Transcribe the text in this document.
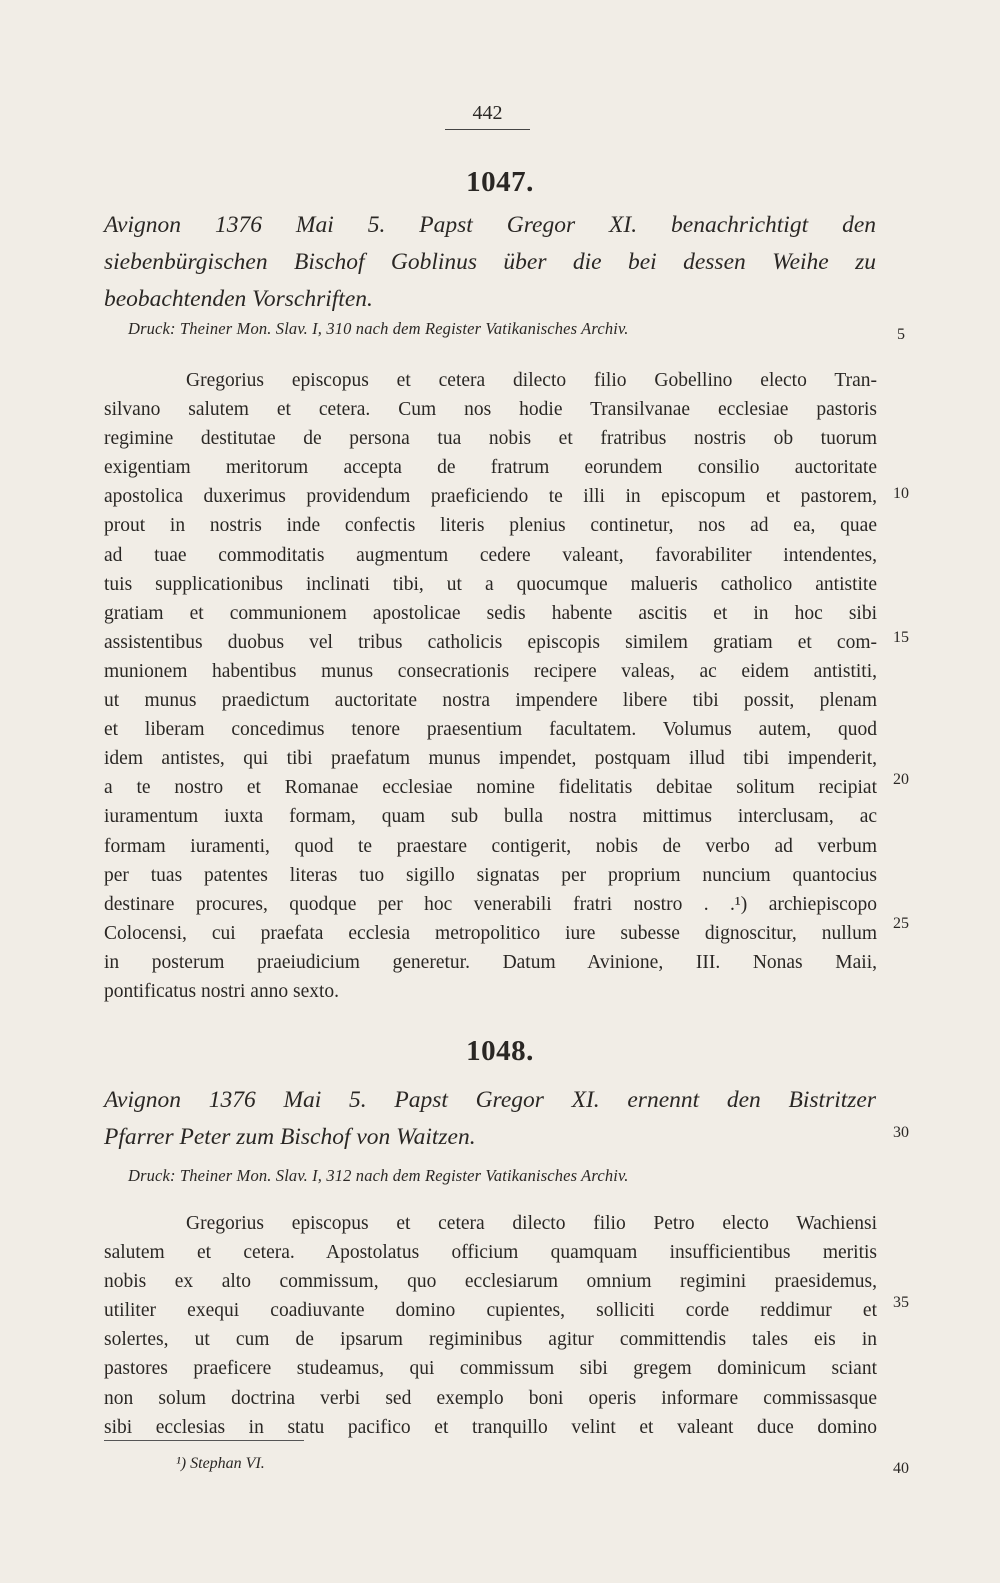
442
1047.
Avignon 1376 Mai 5. Papst Gregor XI. benachrichtigt den
siebenbürgischen Bischof Goblinus über die bei dessen Weihe zu
beobachtenden Vorschriften.
Druck: Theiner Mon. Slav. I, 310 nach dem Register Vatikanisches Archiv.
Gregorius episcopus et cetera dilecto filio Gobellino electo Tran-
silvano salutem et cetera. Cum nos hodie Transilvanae ecclesiae pastoris
regimine destitutae de persona tua nobis et fratribus nostris ob tuorum
exigentiam meritorum accepta de fratrum eorundem consilio auctoritate
apostolica duxerimus providendum praeficiendo te illi in episcopum et pastorem,
prout in nostris inde confectis literis plenius continetur, nos ad ea, quae
ad tuae commoditatis augmentum cedere valeant, favorabiliter intendentes,
tuis supplicationibus inclinati tibi, ut a quocumque malueris catholico antistite
gratiam et communionem apostolicae sedis habente ascitis et in hoc sibi
assistentibus duobus vel tribus catholicis episcopis similem gratiam et com-
munionem habentibus munus consecrationis recipere valeas, ac eidem antistiti,
ut munus praedictum auctoritate nostra impendere libere tibi possit, plenam
et liberam concedimus tenore praesentium facultatem. Volumus autem, quod
idem antistes, qui tibi praefatum munus impendet, postquam illud tibi impenderit,
a te nostro et Romanae ecclesiae nomine fidelitatis debitae solitum recipiat
iuramentum iuxta formam, quam sub bulla nostra mittimus interclusam, ac
formam iuramenti, quod te praestare contigerit, nobis de verbo ad verbum
per tuas patentes literas tuo sigillo signatas per proprium nuncium quantocius
destinare procures, quodque per hoc venerabili fratri nostro . .¹) archiepiscopo
Colocensi, cui praefata ecclesia metropolitico iure subesse dignoscitur, nullum
in posterum praeiudicium generetur. Datum Avinione, III. Nonas Maii,
pontificatus nostri anno sexto.
1048.
Avignon 1376 Mai 5. Papst Gregor XI. ernennt den Bistritzer
Pfarrer Peter zum Bischof von Waitzen.
Druck: Theiner Mon. Slav. I, 312 nach dem Register Vatikanisches Archiv.
Gregorius episcopus et cetera dilecto filio Petro electo Wachiensi
salutem et cetera. Apostolatus officium quamquam insufficientibus meritis
nobis ex alto commissum, quo ecclesiarum omnium regimini praesidemus,
utiliter exequi coadiuvante domino cupientes, solliciti corde reddimur et
solertes, ut cum de ipsarum regiminibus agitur committendis tales eis in
pastores praeficere studeamus, qui commissum sibi gregem dominicum sciant
non solum doctrina verbi sed exemplo boni operis informare commissasque
sibi ecclesias in statu pacifico et tranquillo velint et valeant duce domino
5
10
15
20
25
30
35
40
¹) Stephan VI.
